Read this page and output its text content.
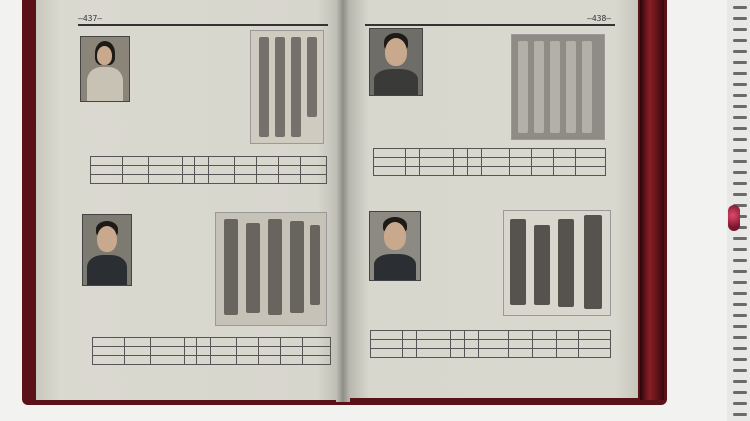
—437—	—438—
